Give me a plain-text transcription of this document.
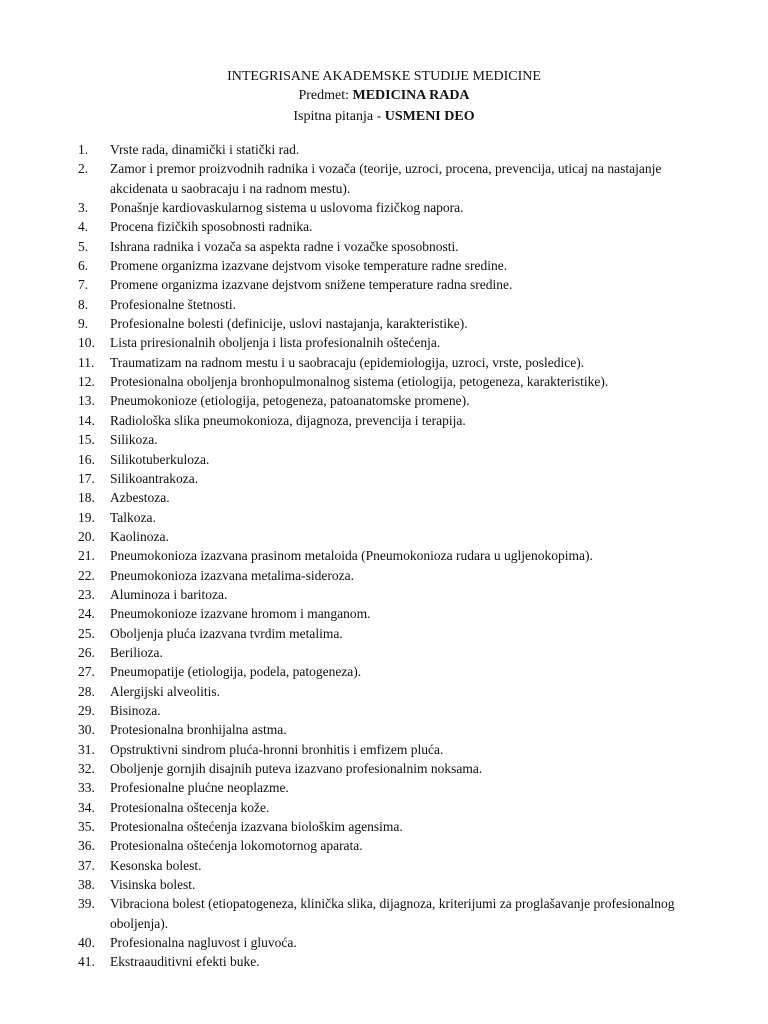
INTEGRISANE AKADEMSKE STUDIJE MEDICINE
Predmet: MEDICINA RADA
Ispitna pitanja - USMENI DEO
1. Vrste rada, dinamički i statički rad.
2. Zamor i premor proizvodnih radnika i vozača (teorije, uzroci, procena, prevencija, uticaj na nastajanje akcidenata u saobracaju i na radnom mestu).
3. Ponašnje kardiovaskularnog sistema u uslovoma fizičkog napora.
4. Procena fizičkih sposobnosti radnika.
5. Ishrana radnika i vozača sa aspekta radne i vozačke sposobnosti.
6. Promene organizma izazvane dejstvom visoke temperature radne sredine.
7. Promene organizma izazvane dejstvom snižene temperature radna sredine.
8. Profesionalne štetnosti.
9. Profesionalne bolesti (definicije, uslovi nastajanja, karakteristike).
10. Lista priresionalnih oboljenja i lista profesionalnih oštećenja.
11. Traumatizam na radnom mestu i u saobracaju (epidemiologija, uzroci, vrste, posledice).
12. Protesionalna oboljenja bronhopulmonalnog sistema (etiologija, petogeneza, karakteristike).
13. Pneumokonioze (etiologija, petogeneza, patoanatomske promene).
14. Radiološka slika pneumokonioza, dijagnoza, prevencija i terapija.
15. Silikoza.
16. Silikotuberkuloza.
17. Silikoantrakoza.
18. Azbestoza.
19. Talkoza.
20. Kaolinoza.
21. Pneumokonioza izazvana prasinom metaloida (Pneumokonioza rudara u ugljenokopima).
22. Pneumokonioza izazvana metalima-sideroza.
23. Aluminoza i baritoza.
24. Pneumokonioze izazvane hromom i manganom.
25. Oboljenja pluća izazvana tvrdim metalima.
26. Berilioza.
27. Pneumopatije (etiologija, podela, patogeneza).
28. Alergijski alveolitis.
29. Bisinoza.
30. Protesionalna bronhijalna astma.
31. Opstruktivni sindrom pluća-hronni bronhitis i emfizem pluća.
32. Oboljenje gornjih disajnih puteva izazvano profesionalnim noksama.
33. Profesionalne plućne neoplazme.
34. Protesionalna oštecenja kože.
35. Protesionalna oštećenja izazvana biološkim agensima.
36. Protesionalna oštećenja lokomotornog aparata.
37. Kesonska bolest.
38. Visinska bolest.
39. Vibraciona bolest (etiopatogeneza, klinička slika, dijagnoza, kriterijumi za proglašavanje profesionalnog oboljenja).
40. Profesionalna nagluvost i gluvoća.
41. Ekstraauditivni efekti buke.
